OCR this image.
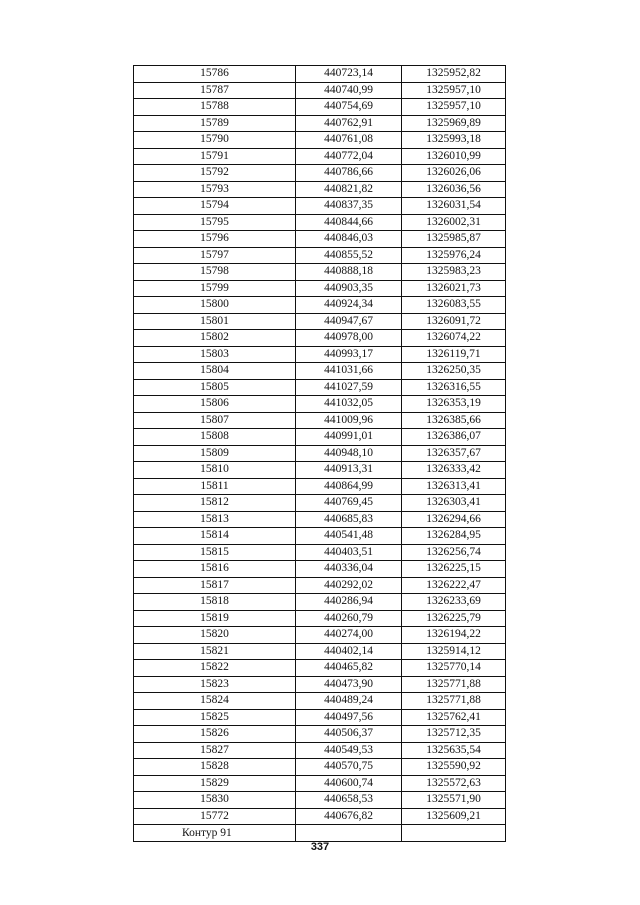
15786	440723,14	1325952,82
15787	440740,99	1325957,10
15788	440754,69	1325957,10
15789	440762,91	1325969,89
15790	440761,08	1325993,18
15791	440772,04	1326010,99
15792	440786,66	1326026,06
15793	440821,82	1326036,56
15794	440837,35	1326031,54
15795	440844,66	1326002,31
15796	440846,03	1325985,87
15797	440855,52	1325976,24
15798	440888,18	1325983,23
15799	440903,35	1326021,73
15800	440924,34	1326083,55
15801	440947,67	1326091,72
15802	440978,00	1326074,22
15803	440993,17	1326119,71
15804	441031,66	1326250,35
15805	441027,59	1326316,55
15806	441032,05	1326353,19
15807	441009,96	1326385,66
15808	440991,01	1326386,07
15809	440948,10	1326357,67
15810	440913,31	1326333,42
15811	440864,99	1326313,41
15812	440769,45	1326303,41
15813	440685,83	1326294,66
15814	440541,48	1326284,95
15815	440403,51	1326256,74
15816	440336,04	1326225,15
15817	440292,02	1326222,47
15818	440286,94	1326233,69
15819	440260,79	1326225,79
15820	440274,00	1326194,22
15821	440402,14	1325914,12
15822	440465,82	1325770,14
15823	440473,90	1325771,88
15824	440489,24	1325771,88
15825	440497,56	1325762,41
15826	440506,37	1325712,35
15827	440549,53	1325635,54
15828	440570,75	1325590,92
15829	440600,74	1325572,63
15830	440658,53	1325571,90
15772	440676,82	1325609,21
Контур 91		
337
